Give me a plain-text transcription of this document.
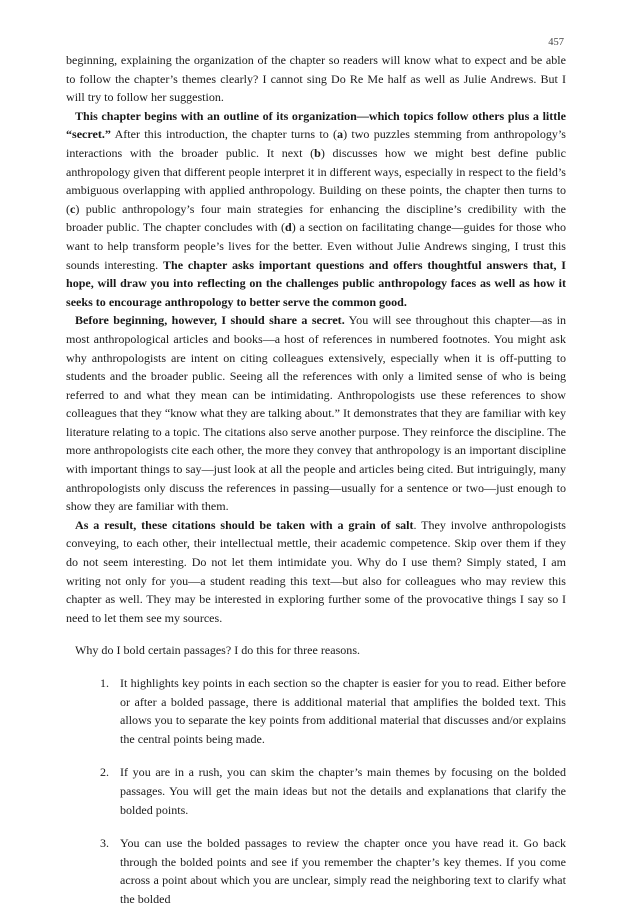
457

beginning, explaining the organization of the chapter so readers will know what to expect and be able to follow the chapter’s themes clearly? I cannot sing Do Re Me half as well as Julie Andrews. But I will try to follow her suggestion.

This chapter begins with an outline of its organization—which topics follow others plus a little “secret.” After this introduction, the chapter turns to (a) two puzzles stemming from anthropology’s interactions with the broader public. It next (b) discusses how we might best define public anthropology given that different people interpret it in different ways, especially in respect to the field’s ambiguous overlapping with applied anthropology. Building on these points, the chapter then turns to (c) public anthropology’s four main strategies for enhancing the discipline’s credibility with the broader public. The chapter concludes with (d) a section on facilitating change—guides for those who want to help transform people’s lives for the better. Even without Julie Andrews singing, I trust this sounds interesting. The chapter asks important questions and offers thoughtful answers that, I hope, will draw you into reflecting on the challenges public anthropology faces as well as how it seeks to encourage anthropology to better serve the common good.

Before beginning, however, I should share a secret. You will see throughout this chapter—as in most anthropological articles and books—a host of references in numbered footnotes. You might ask why anthropologists are intent on citing colleagues extensively, especially when it is off-putting to students and the broader public. Seeing all the references with only a limited sense of who is being referred to and what they mean can be intimidating. Anthropologists use these references to show colleagues that they “know what they are talking about.” It demonstrates that they are familiar with key literature relating to a topic. The citations also serve another purpose. They reinforce the discipline. The more anthropologists cite each other, the more they convey that anthropology is an important discipline with important things to say—just look at all the people and articles being cited. But intriguingly, many anthropologists only discuss the references in passing—usually for a sentence or two—just enough to show they are familiar with them.

As a result, these citations should be taken with a grain of salt. They involve anthropologists conveying, to each other, their intellectual mettle, their academic competence. Skip over them if they do not seem interesting. Do not let them intimidate you. Why do I use them? Simply stated, I am writing not only for you—a student reading this text—but also for colleagues who may review this chapter as well. They may be interested in exploring further some of the provocative things I say so I need to let them see my sources.

Why do I bold certain passages? I do this for three reasons.

1. It highlights key points in each section so the chapter is easier for you to read. Either before or after a bolded passage, there is additional material that amplifies the bolded text. This allows you to separate the key points from additional material that discusses and/or explains the central points being made.
2. If you are in a rush, you can skim the chapter’s main themes by focusing on the bolded passages. You will get the main ideas but not the details and explanations that clarify the bolded points.
3. You can use the bolded passages to review the chapter once you have read it. Go back through the bolded points and see if you remember the chapter’s key themes. If you come across a point about which you are unclear, simply read the neighboring text to clarify what the bolded
